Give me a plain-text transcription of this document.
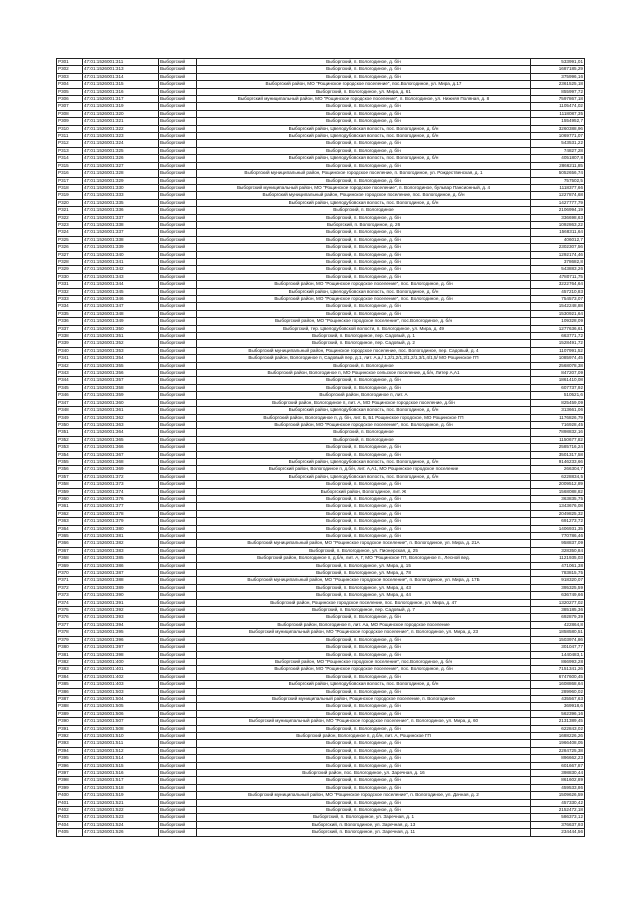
Р301	47:01:1526001:311	Выборгский	Выборгский, п. Вологодиное, д. б/н	533991,01
Р302	47:01:1526001:313	Выборгский	Выборгский, п. Вологодиное, д. б/н	1687185,29
Р303	47:01:1526001:314	Выборгский	Выборгский, п. Вологодиное, д. б/н	375996,16
Р304	47:01:1526001:315	Выборгский	Выборгский район, МО "Рощинское городское поселение", пос.Вологодиное, ул. Мира, д.17	2361525,18
Р305	47:01:1526001:316	Выборгский	Выборгский, п. Вологодиное, ул. Мира, д. 61	855997,72
Р306	47:01:1526001:317	Выборгский	Выборгский муниципальный район, МО "Рощинское городское поселение", п. Вологодиное, ул. Нижняя Поляная, д. 8	7597867,18
Р307	47:01:1526001:319	Выборгский	Выборгский, п. Вологодиное, д. б/н	1105474,02
Р308	47:01:1526001:320	Выборгский	Выборгский, п. Вологодиное, д. б/н	1118087,35
Р309	47:01:1526001:321	Выборгский	Выборгский, п. Вологодиное, д. б/н	1554952,7
Р310	47:01:1526001:322	Выборгский	Выборгский район, Цвелодубовская волость, пос. Вологодиное, д. б/н	3260388,96
Р311	47:01:1526001:323	Выборгский	Выборгский район, Цвелодубовская волость, пос. Вологодиное, д. б/н	1069771,07
Р312	47:01:1526001:324	Выборгский	Выборгский, п. Вологодиное, д. б/н	543531,22
Р313	47:01:1526001:325	Выборгский	Выборгский, п. Вологодиное, д. б/н	74827,28
Р314	47:01:1526001:326	Выборгский	Выборгский район, Цвелодубовская волость, пос. Вологодиное, д. б/н	4051807,8
Р315	47:01:1526001:327	Выборгский	Выборгский, п. Вологодиное, д. б/н	2866211,85
Р316	47:01:1526001:328	Выборгский	Выборгский муниципальный район, Рощинское городское поселение, п. Вологодиное, ул. Рождественская, д. 1	5052656,74
Р317	47:01:1526001:329	Выборгский	Выборгский, п. Вологодиное, д. б/н	757502,5
Р318	47:01:1526001:330	Выборгский	Выборгский муниципальный район, МО "Рощинское городское поселение", п. Вологодиное, бульвар Пансионный, д. 4	1118377,66
Р319	47:01:1526001:333	Выборгский	Выборгский муниципальный район, Рощинское городское поселение, пос. Вологодиное, д. б/н	1227874,68
Р320	47:01:1526001:335	Выборгский	Выборгский район, Цвелодубовская волость, пос. Вологодиное, д. б/н	1427777,79
Р321	47:01:1526001:336	Выборгский	Выборгский, п. Вологодиное	2106994,19
Р322	47:01:1526001:337	Выборгский	Выборгский, п. Вологодиное, д. б/н	336698,63
Р323	47:01:1526001:338	Выборгский	Выборгский, п. Вологодиное, д. 26	1092863,22
Р324	47:01:1526001:337	Выборгский	Выборгский, п. Вологодиное, д. б/н	1568311,64
Р325	47:01:1526001:338	Выборгский	Выборгский, п. Вологодиное, д. б/н	406012,7
Р326	47:01:1526001:339	Выборгский	Выборгский, п. Вологодиное, д. б/н	2302307,56
Р327	47:01:1526001:340	Выборгский	Выборгский, п. Вологодиное, д. б/н	1292174,46
Р328	47:01:1526001:341	Выборгский	Выборгский, п. Вологодиное, д. б/н	378682,8
Р329	47:01:1526001:342	Выборгский	Выборгский, п. Вологодиное, д. б/н	543883,26
Р330	47:01:1526001:343	Выборгский	Выборгский, п. Вологодиное, д. б/н	4780711,75
Р331	47:01:1526001:344	Выборгский	Выборгский район, МО "Рощинское городское поселение", пос. Вологодиное, д. б/н	3222764,64
Р332	47:01:1526001:345	Выборгский	Выборгский район, Цвелодубовская волость, пос. Вологодиное, д. б/н	457210,83
Р333	47:01:1526001:346	Выборгский	Выборгский район, МО "Рощинское городское поселение", пос. Вологодиное, д. б/н	754573,07
Р334	47:01:1526001:347	Выборгский	Выборгский, п. Вологодиное, д. б/н	1542248,88
Р335	47:01:1526001:348	Выборгский	Выборгский, п. Вологодиное, д. б/н	1530921,64
Р336	47:01:1526001:349	Выборгский	Выборгский район, МО "Рощинское городское поселение", пос.Вологодиное, д. б/н	109328,09
Р337	47:01:1526001:350	Выборгский	Выборгский, тер. Цвелодубовской волости, п. Вологодиное, ул. Мира, д. 49	1277636,61
Р338	47:01:1526001:351	Выборгский	Выборгский, п. Вологодиное, пер. Садовый, д. 1	663771,72
Р339	47:01:1526001:352	Выборгский	Выборгский, п. Вологодиное, пер. Садовый, д. 2	1528491,72
Р340	47:01:1526001:353	Выборгский	Выборгский муниципальный район, Рощинское городское поселение, пос. Вологодиное, пер. Садовый, д. 4	1107991,52
Р341	47:01:1526001:354	Выборгский	Выборгский район, Вологодиное п, Садовый пер, д.1, лит. А,а,/ 1,2/1,2/1,2/1,2/1,3/1,4/1,5/ МО Рощинское ГП	1085974,45
Р342	47:01:1526001:355	Выборгский	Выборгский, п. Вологодиное	2568078,38
Р343	47:01:1526001:356	Выборгский	Выборгский район, Вологодиное п, МО Рощинское сельское поселение, д.б/н, Литер А,А1	847207,09
Р344	47:01:1526001:357	Выборгский	Выборгский, п. Вологодиное, д. б/н	1861410,08
Р345	47:01:1526001:358	Выборгский	Выборгский, п. Вологодиное, д. б/н	607737,92
Р346	47:01:1526001:359	Выборгский	Выборгский район, Вологодиное п, лит. А	510521,6
Р347	47:01:1526001:360	Выборгский	Выборгский район, Вологодиное п, лит. А, МО Рощинское городское поселение, д.б/н	825459,09
Р348	47:01:1526001:361	Выборгский	Выборгский район, Цвелодубовская волость, пос. Вологодиное, д. б/н	313661,06
Р349	47:01:1526001:362	Выборгский	Выборгский район, Вологодиное п, д. б/н, лит. Б, Б1 Рощинское городское, МО Рощинское ГП	1176826,79
Р350	47:01:1526001:363	Выборгский	Выборгский район, МО "Рощинское городское поселение", пос. Вологодиное, д. б/н	716928,45
Р351	47:01:1526001:364	Выборгский	Выборгский, п. Вологодиное	7898832,16
Р352	47:01:1526001:365	Выборгский	Выборгский, п. Вологодиное	1150677,82
Р353	47:01:1526001:366	Выборгский	Выборгский, п. Вологодиное, д. б/н	2585716,24
Р354	47:01:1526001:367	Выборгский	Выборгский, п. Вологодиное, д. б/н	3501317,58
Р355	47:01:1526001:368	Выборгский	Выборгский район, Цвелодубовская волость, пос. Вологодиное, д. б/н	9146233,66
Р356	47:01:1526001:369	Выборгский	Выборгский район, Вологодиное п, д.б/н, лит. А,А1, МО Рощинское городское поселение	266304,7
Р357	47:01:1526001:372	Выборгский	Выборгский район, Цвелодубовская волость, пос. Вологодиное, д. б/н	6228834,5
Р358	47:01:1526001:373	Выборгский	Выборгский, п. Вологодиное, д. б/н	2009512,89
Р359	47:01:1526001:374	Выборгский	Выборгский район, Вологодиное, лит. Ж	1568088,82
Р360	47:01:1526001:376	Выборгский	Выборгский, п. Вологодиное, д. б/н	363835,75
Р361	47:01:1526001:377	Выборгский	Выборгский, п. Вологодиное, д. б/н	1343676,08
Р362	47:01:1526001:378	Выборгский	Выборгский, п. Вологодиное, д. б/н	2049825,32
Р363	47:01:1526001:379	Выборгский	Выборгский, п. Вологодиное, д. б/н	691273,72
Р364	47:01:1526001:380	Выборгский	Выборгский, п. Вологодиное, д. б/н	1406931,35
Р365	47:01:1526001:381	Выборгский	Выборгский, п. Вологодиное, д. б/н	770786,46
Р366	47:01:1526001:382	Выборгский	Выборгский муниципальный район, МО "Рощинское городское поселение", п. Вологодиное, ул. Мира, д. 21А	958837,09
Р367	47:01:1526001:383	Выборгский	Выборгский, п. Вологодиное, ул. Пионерская, д. 25	328350,84
Р368	47:01:1526001:385	Выборгский	Выборгский район, Вологодиное п, д.б/н, лит. А, Г, МО "Рощинское ГП, Вологодиное п., Лесной вед.	1121935,03
Р369	47:01:1526001:386	Выборгский	Выборгский, п. Вологодиное, ул. Мира, д. 15	471061,38
Р370	47:01:1526001:387	Выборгский	Выборгский, п. Вологодиное, ул. Мира, д. 78	783815,75
Р371	47:01:1526001:388	Выборгский	Выборгский муниципальный район, МО "Рощинское городское поселение", п. Вологодиное, ул. Мира, д. 17Б	918320,07
Р372	47:01:1526001:389	Выборгский	Выборгский, п. Вологодиное, ул. Мира, д. 43	395325,59
Р373	47:01:1526001:390	Выборгский	Выборгский, п. Вологодиное, ул. Мира, д. 44	636749,66
Р374	47:01:1526001:391	Выборгский	Выборгский район, Рощинское городское поселение, пос. Вологодиное, ул. Мира, д. 47	1320277,02
Р375	47:01:1526001:392	Выборгский	Выборгский, п. Вологодиное, пер. Садовый, д. 7	385185,36
Р376	47:01:1526001:393	Выборгский	Выборгский, п. Вологодиное, д. б/н	692879,39
Р377	47:01:1526001:394	Выборгский	Выборгский район, Вологодиное п, лит. Аа, МО Рощинское городское поселение	422864,8
Р378	47:01:1526001:395	Выборгский	Выборгский муниципальный район, МО "Рощинское городское поселение", п. Вологодиное, ул. Мира, д. 23	1858580,51
Р379	47:01:1526001:396	Выборгский	Выборгский, п. Вологодиное, д. б/н	1503974,86
Р380	47:01:1526001:397	Выборгский	Выборгский, п. Вологодиное, д. б/н	301047,77
Р381	47:01:1526001:398	Выборгский	Выборгский, п. Вологодиное, д. б/н	1440483,1
Р382	47:01:1526001:400	Выборгский	Выборгский район, МО "Рощинское городское поселение", пос.Вологодиное, д. б/н	866993,28
Р383	47:01:1526001:401	Выборгский	Выборгский район, МО "Рощинское городское поселение", пос. Вологодиное, д. б/н	7151341,26
Р384	47:01:1526001:402	Выборгский	Выборгский, п. Вологодиное, д. б/н	6747600,45
Р385	47:01:1526001:403	Выборгский	Выборгский район, Цвелодубовская волость, пос. Вологодиное, д. б/н	1608868,64
Р386	47:01:1526001:503	Выборгский	Выборгский, п. Вологодиное, д. б/н	289960,02
Р387	47:01:1526001:504	Выборгский	Выборгский муниципальный район, Рощинское городское поселение, п. Вологодиное	435567,63
Р388	47:01:1526001:505	Выборгский	Выборгский, п. Вологодиное, д. б/н	369918,6
Р389	47:01:1526001:506	Выборгский	Выборгский, п. Вологодиное, д. б/н	562396,16
Р390	47:01:1526001:507	Выборгский	Выборгский муниципальный район, МО "Рощинское городское поселение", п. Вологодиное, ул. Мира, д. 60	2131389,45
Р391	47:01:1526001:508	Выборгский	Выборгский, п. Вологодиное, д. б/н	622843,02
Р392	47:01:1526001:510	Выборгский	Выборгский район, Вологодиное п, д.б/н, лит. А, Рощинское ГП	1688226,26
Р393	47:01:1526001:511	Выборгский	Выборгский, п. Вологодиное, д. б/н	1966408,05
Р394	47:01:1526001:512	Выборгский	Выборгский, п. Вологодиное, д. б/н	2284725,38
Р395	47:01:1526001:514	Выборгский	Выборгский, п. Вологодиное, д. б/н	896662,23
Р396	47:01:1526001:515	Выборгский	Выборгский, п. Вологодиное, д. б/н	601667,87
Р397	47:01:1526001:516	Выборгский	Выборгский район, пос. Вологодиное, ул. Заречная, д. 16	398830,44
Р398	47:01:1526001:517	Выборгский	Выборгский, п. Вологодиное, д. б/н	861602,89
Р399	47:01:1526001:518	Выборгский	Выборгский, п. Вологодиное, д. б/н	459533,86
Р400	47:01:1526001:519	Выборгский	Выборгский муниципальный район, МО "Рощинское городское поселение", п. Вологодиное, ул. Дачная, д. 2	1509626,59
Р401	47:01:1526001:521	Выборгский	Выборгский, п. Вологодиное, д. б/н	457330,42
Р402	47:01:1526001:522	Выборгский	Выборгский, п. Вологодиное, д. б/н	2152472,18
Р403	47:01:1526001:523	Выборгский	Выборгский, п. Вологодиное, ул. Заречная, д. 1	586373,12
Р404	47:01:1526001:524	Выборгский	Выборгский, п. Вологодиное, ул. Заречная, д. 13	376637,93
Р405	47:01:1526001:526	Выборгский	Выборгский, п. Вологодиное, ул. Заречная, д. 11	234444,56
